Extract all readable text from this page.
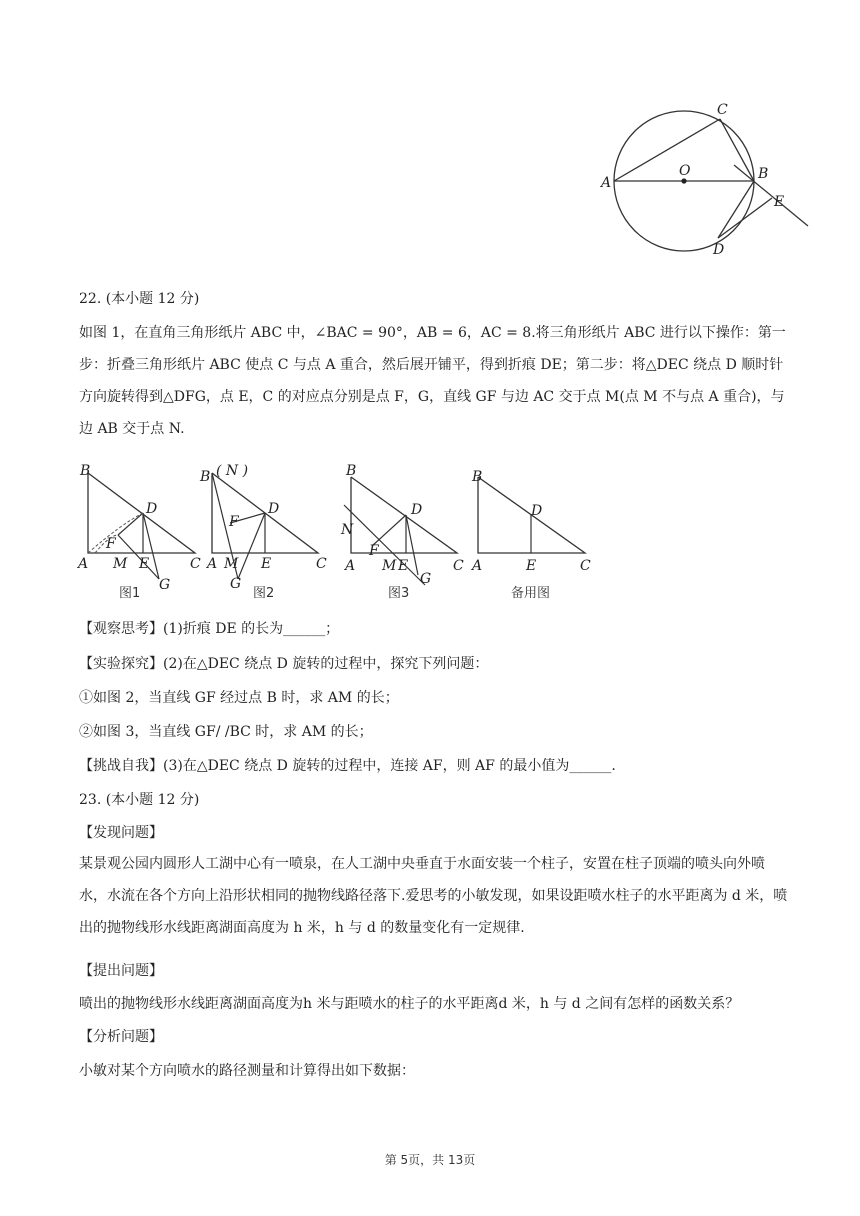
A
O	B
C
D
E
22. (本小题 12 分)

如图 1，在直角三角形纸片 ABC 中，∠BAC = 90°，AB = 6，AC = 8.将三角形纸片 ABC 进行以下操作：第一步：折叠三角形纸片 ABC 使点 C 与点 A 重合，然后展开铺平，得到折痕 DE；第二步：将△DEC 绕点 D 顺时针方向旋转得到△DFG，点 E，C 的对应点分别是点 F，G，直线 GF 与边 AC 交于点 M(点 M 不与点 A 重合)，与边 AB 交于点 N.

B
D
F
A M E	C
G
图1
B ( N )
D
F
A M E	C
G
图2
B
D
N
F
A M E	C
G
图3
B
D
A	E	C
备用图
【观察思考】(1)折痕 DE 的长为______；
【实验探究】(2)在△DEC 绕点 D 旋转的过程中，探究下列问题：
①如图 2，当直线 GF 经过点 B 时，求 AM 的长；
②如图 3，当直线 GF/ /BC 时，求 AM 的长；
【挑战自我】(3)在△DEC 绕点 D 旋转的过程中，连接 AF，则 AF 的最小值为______.
23. (本小题 12 分)
【发现问题】

某景观公园内圆形人工湖中心有一喷泉，在人工湖中央垂直于水面安装一个柱子，安置在柱子顶端的喷头向外喷水，水流在各个方向上沿形状相同的抛物线路径落下.爱思考的小敏发现，如果设距喷水柱子的水平距离为 d 米，喷出的抛物线形水线距离湖面高度为 h 米，h 与 d 的数量变化有一定规律.

【提出问题】
喷出的抛物线形水线距离湖面高度为h 米与距喷水的柱子的水平距离d 米，h 与 d 之间有怎样的函数关系？
【分析问题】
小敏对某个方向喷水的路径测量和计算得出如下数据：
第 5页，共 13页
